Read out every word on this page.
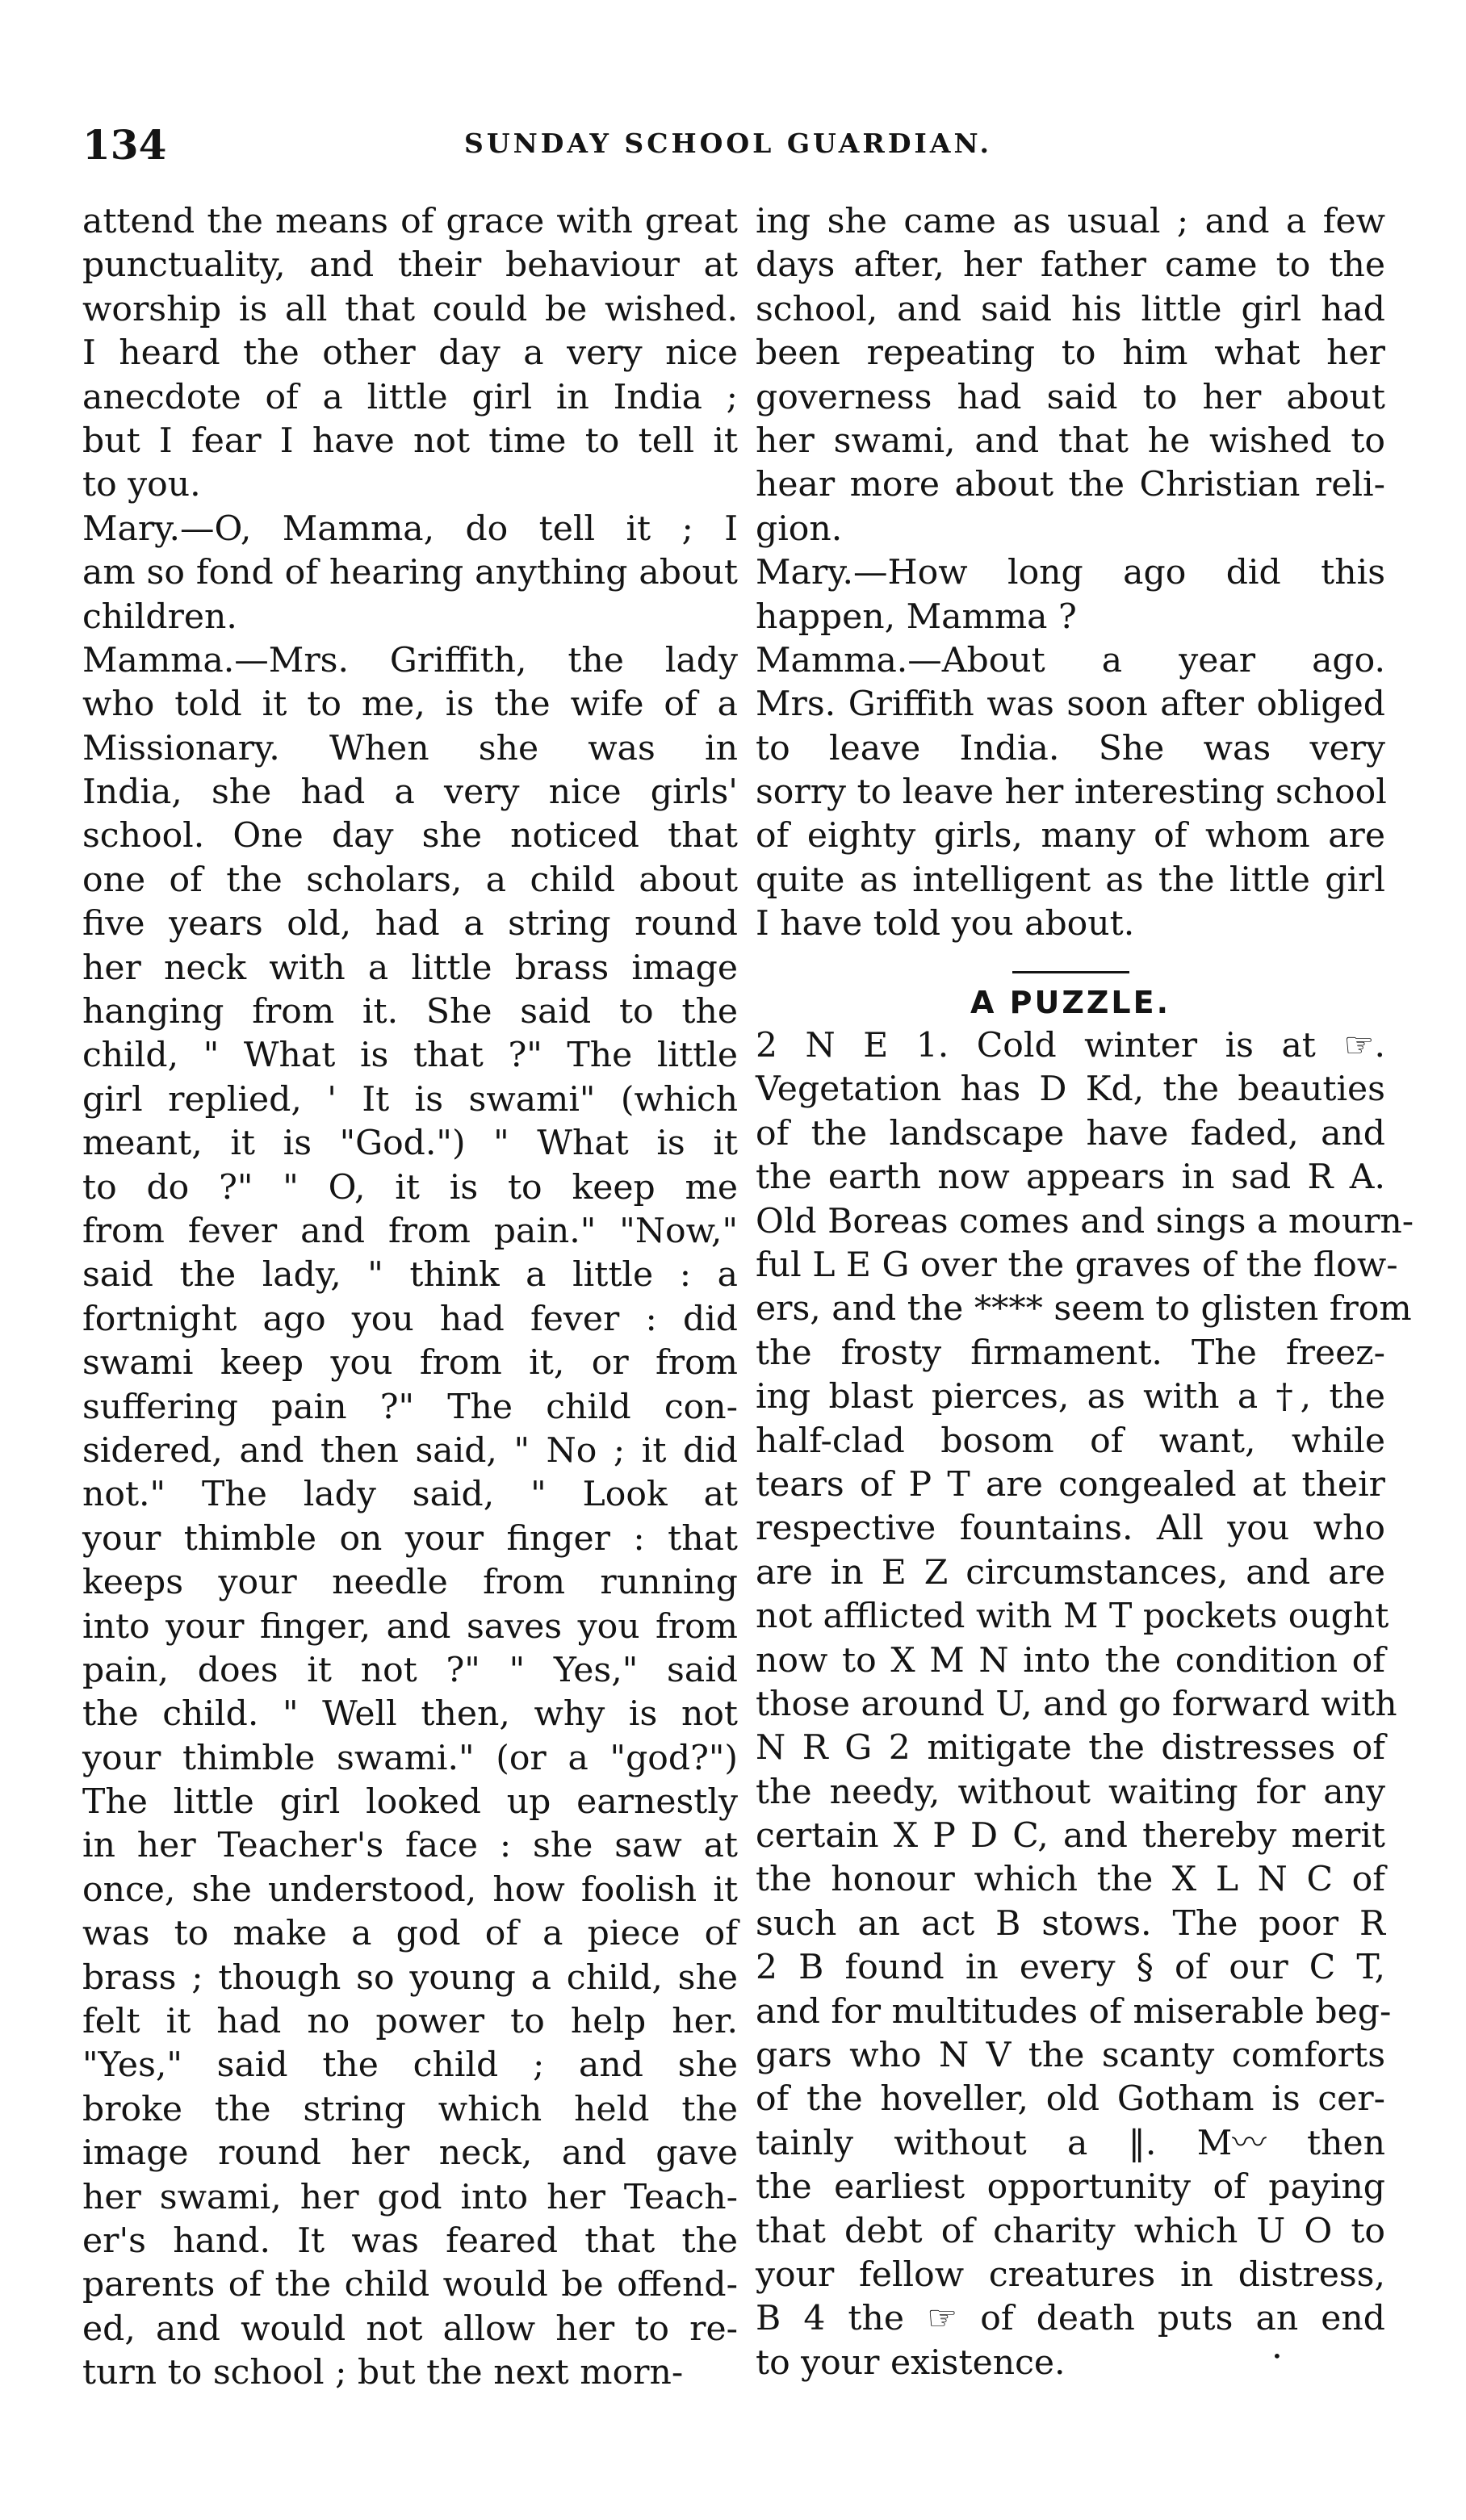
134	SUNDAY SCHOOL GUARDIAN.
attend the means of grace with great
punctuality, and their behaviour at
worship is all that could be wished.
I heard the other day a very nice
anecdote of a little girl in India ;
but I fear I have not time to tell it
to you.
Mary.—O, Mamma, do tell it ; I
am so fond of hearing anything about
children.
Mamma.—Mrs. Griffith, the lady
who told it to me, is the wife of a
Missionary. When she was in
India, she had a very nice girls'
school. One day she noticed that
one of the scholars, a child about
five years old, had a string round
her neck with a little brass image
hanging from it. She said to the
child, " What is that ?" The little
girl replied, ' It is swami" (which
meant, it is "God.") " What is it
to do ?" " O, it is to keep me
from fever and from pain." "Now,"
said the lady, " think a little : a
fortnight ago you had fever : did
swami keep you from it, or from
suffering pain ?" The child con-
sidered, and then said, " No ; it did
not." The lady said, " Look at
your thimble on your finger : that
keeps your needle from running
into your finger, and saves you from
pain, does it not ?" " Yes," said
the child. " Well then, why is not
your thimble swami." (or a "god?")
The little girl looked up earnestly
in her Teacher's face : she saw at
once, she understood, how foolish it
was to make a god of a piece of
brass ; though so young a child, she
felt it had no power to help her.
"Yes," said the child ; and she
broke the string which held the
image round her neck, and gave
her swami, her god into her Teach-
er's hand. It was feared that the
parents of the child would be offend-
ed, and would not allow her to re-
turn to school ; but the next morn-
ing she came as usual ; and a few
days after, her father came to the
school, and said his little girl had
been repeating to him what her
governess had said to her about
her swami, and that he wished to
hear more about the Christian reli-
gion.
Mary.—How long ago did this
happen, Mamma ?
Mamma.—About a year ago.
Mrs. Griffith was soon after obliged
to leave India. She was very
sorry to leave her interesting school
of eighty girls, many of whom are
quite as intelligent as the little girl
I have told you about.
A PUZZLE.
2 N E 1. Cold winter is at ☞.
Vegetation has D Kd, the beauties
of the landscape have faded, and
the earth now appears in sad R A.
Old Boreas comes and sings a mourn-
ful L E G over the graves of the flow-
ers, and the **** seem to glisten from
the frosty firmament. The freez-
ing blast pierces, as with a †, the
half-clad bosom of want, while
tears of P T are congealed at their
respective fountains. All you who
are in E Z circumstances, and are
not afflicted with M T pockets ought
now to X M N into the condition of
those around U, and go forward with
N R G 2 mitigate the distresses of
the needy, without waiting for any
certain X P D C, and thereby merit
the honour which the X L N C of
such an act B stows. The poor R
2 B found in every § of our C T,
and for multitudes of miserable beg-
gars who N V the scanty comforts
of the hoveller, old Gotham is cer-
tainly without a ‖. M〰 then
the earliest opportunity of paying
that debt of charity which U O to
your fellow creatures in distress,
B 4 the ☞ of death puts an end
to your existence.	•
